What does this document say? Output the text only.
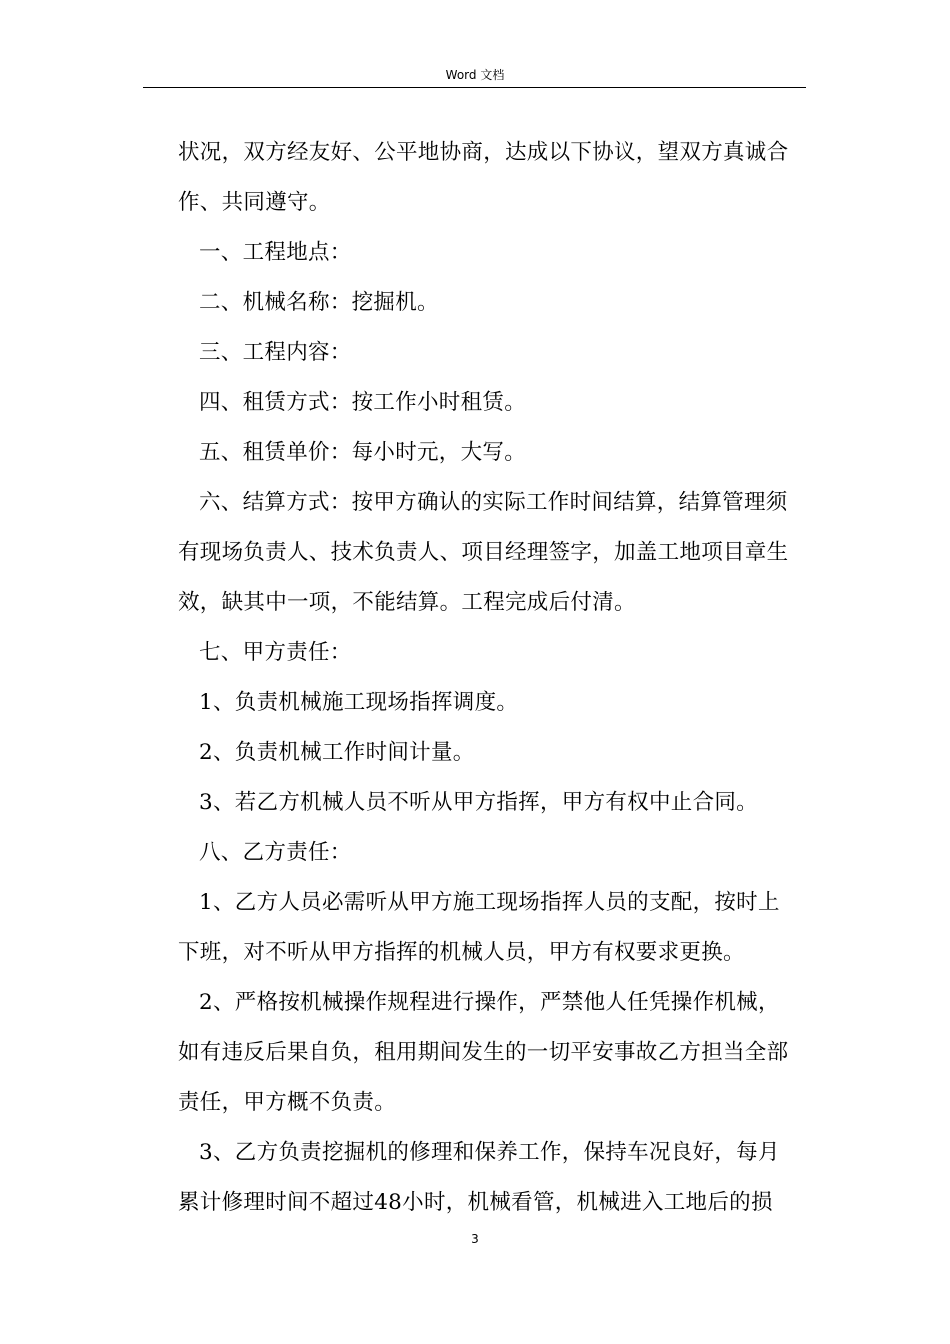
Word 文档

状况，双方经友好、公平地协商，达成以下协议，望双方真诚合
作、共同遵守。

一、工程地点：

二、机械名称：挖掘机。

三、工程内容：

四、租赁方式：按工作小时租赁。

五、租赁单价：每小时元，大写。

六、结算方式：按甲方确认的实际工作时间结算，结算管理须
有现场负责人、技术负责人、项目经理签字，加盖工地项目章生
效，缺其中一项，不能结算。工程完成后付清。

七、甲方责任：

1、负责机械施工现场指挥调度。

2、负责机械工作时间计量。

3、若乙方机械人员不听从甲方指挥，甲方有权中止合同。

八、乙方责任：

1、乙方人员必需听从甲方施工现场指挥人员的支配，按时上
下班，对不听从甲方指挥的机械人员，甲方有权要求更换。

2、严格按机械操作规程进行操作，严禁他人任凭操作机械，
如有违反后果自负，租用期间发生的一切平安事故乙方担当全部
责任，甲方概不负责。

3、乙方负责挖掘机的修理和保养工作，保持车况良好，每月
累计修理时间不超过48小时，机械看管，机械进入工地后的损

3
